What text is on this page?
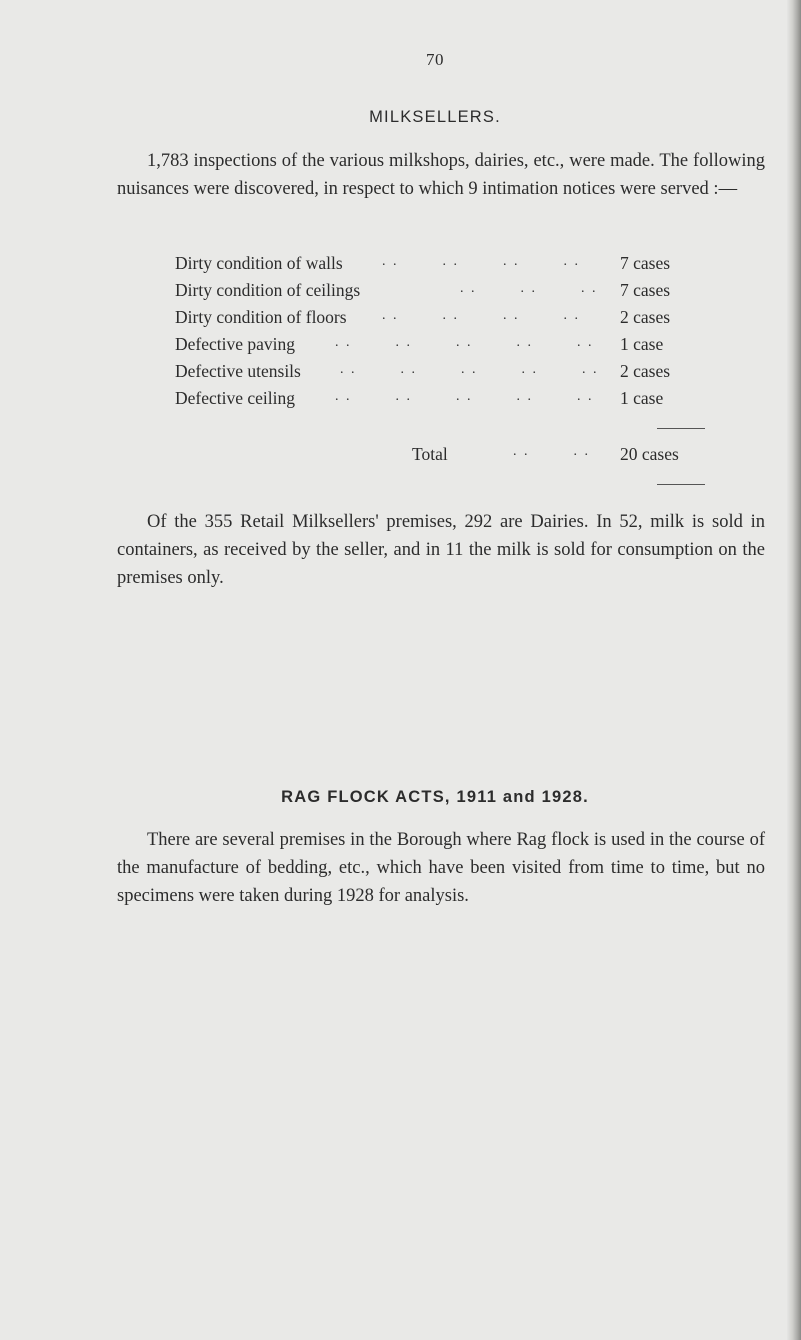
70
MILKSELLERS.
1,783 inspections of the various milkshops, dairies, etc., were made. The following nuisances were discovered, in respect to which 9 intimation notices were served :—
Dirty condition of walls	. .        . .        . .        . . 7 cases
Dirty condition of ceilings	. .        . .        . . 7 cases
Dirty condition of floors	. .        . .        . .        . . 2 cases
Defective paving	. .        . .        . .        . .        . . 1 case
Defective utensils	. .        . .        . .        . .        . . 2 cases
Defective ceiling	. .        . .        . .        . .        . . 1 case
Total	. .        . . 20 cases
Of the 355 Retail Milksellers' premises, 292 are Dairies. In 52, milk is sold in containers, as received by the seller, and in 11 the milk is sold for consumption on the premises only.
RAG FLOCK ACTS, 1911 and 1928.
There are several premises in the Borough where Rag flock is used in the course of the manufacture of bedding, etc., which have been visited from time to time, but no specimens were taken during 1928 for analysis.
